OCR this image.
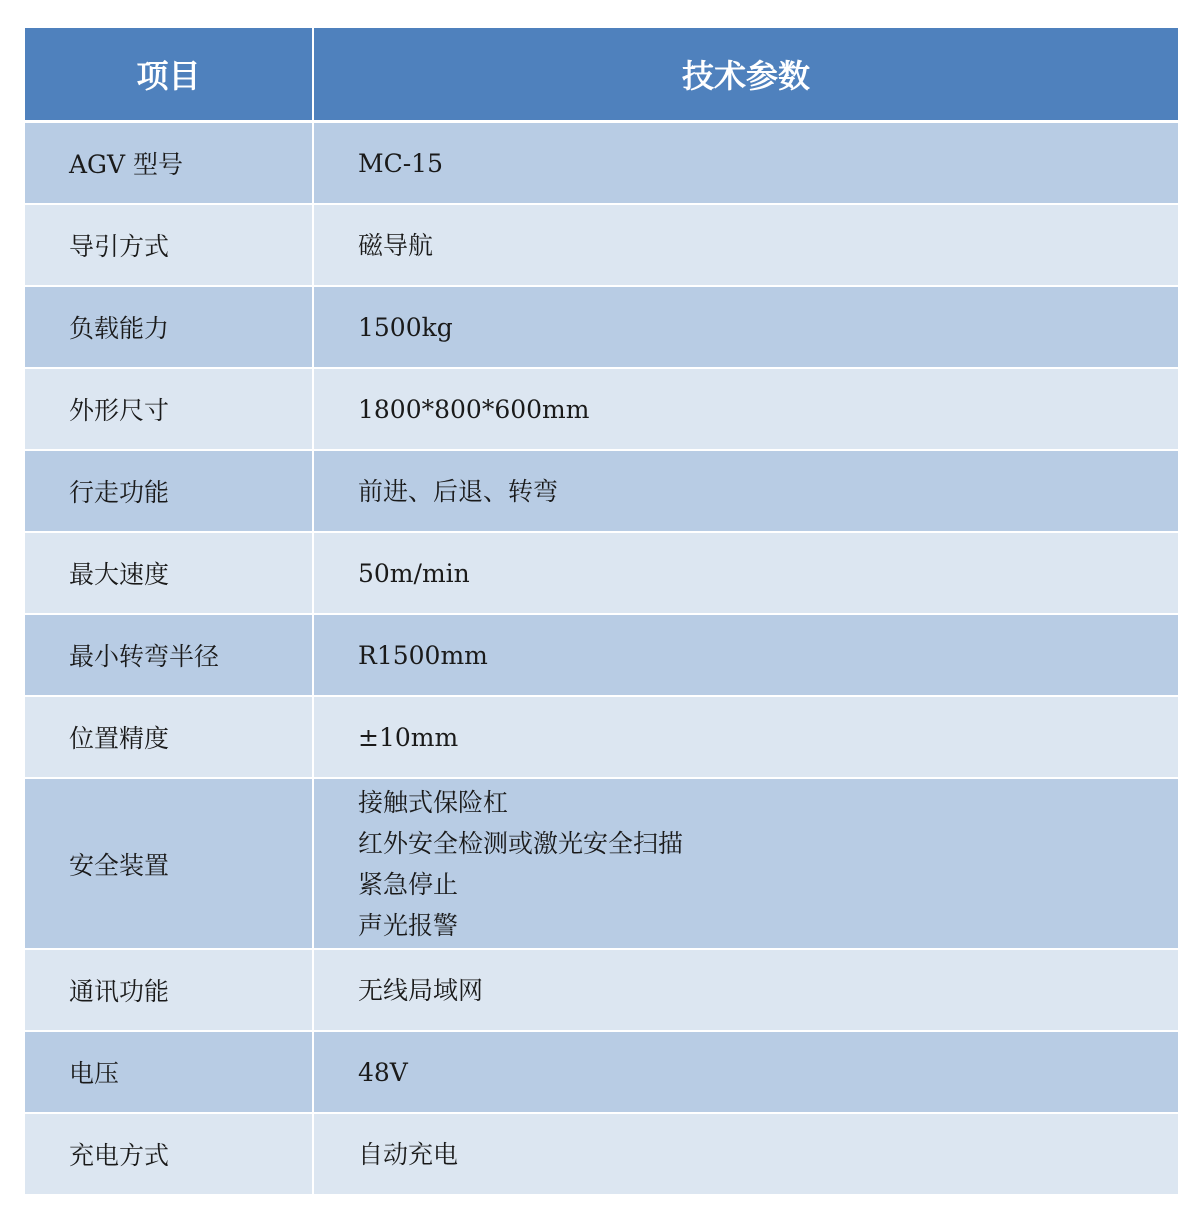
项目	技术参数
AGV 型号	MC-15

导引方式	磁导航

负载能力	1500kg

外形尺寸	1800*800*600mm

行走功能	前进、后退、转弯

最大速度	50m/min

最小转弯半径	R1500mm

位置精度	±10mm

安全装置	接触式保险杠
红外安全检测或激光安全扫描
紧急停止
声光报警

通讯功能	无线局域网

电压	48V

充电方式	自动充电
